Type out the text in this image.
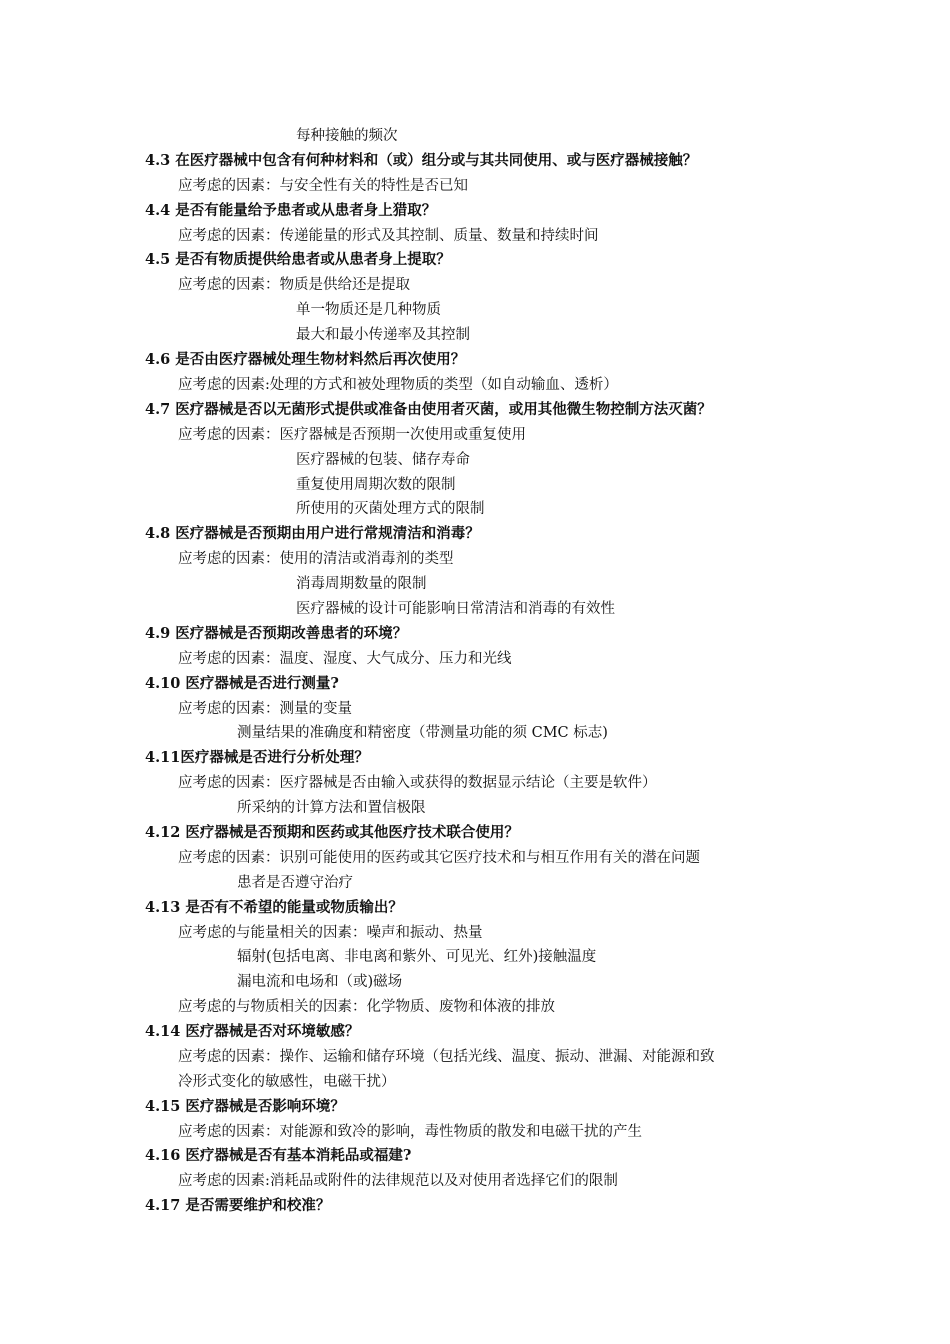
每种接触的频次
4.3 在医疗器械中包含有何种材料和（或）组分或与其共同使用、或与医疗器械接触？
应考虑的因素：与安全性有关的特性是否已知
4.4 是否有能量给予患者或从患者身上猎取？
应考虑的因素：传递能量的形式及其控制、质量、数量和持续时间
4.5 是否有物质提供给患者或从患者身上提取？
应考虑的因素：物质是供给还是提取
单一物质还是几种物质
最大和最小传递率及其控制
4.6 是否由医疗器械处理生物材料然后再次使用？
应考虑的因素:处理的方式和被处理物质的类型（如自动输血、透析）
4.7 医疗器械是否以无菌形式提供或准备由使用者灭菌，或用其他微生物控制方法灭菌？
应考虑的因素：医疗器械是否预期一次使用或重复使用
医疗器械的包装、储存寿命
重复使用周期次数的限制
所使用的灭菌处理方式的限制
4.8 医疗器械是否预期由用户进行常规清洁和消毒？
应考虑的因素：使用的清洁或消毒剂的类型
消毒周期数量的限制
医疗器械的设计可能影响日常清洁和消毒的有效性
4.9 医疗器械是否预期改善患者的环境？
应考虑的因素：温度、湿度、大气成分、压力和光线
4.10 医疗器械是否进行测量?
应考虑的因素：测量的变量
测量结果的准确度和精密度（带测量功能的须 CMC 标志)
4.11医疗器械是否进行分析处理？
应考虑的因素：医疗器械是否由输入或获得的数据显示结论（主要是软件）
所采纳的计算方法和置信极限
4.12 医疗器械是否预期和医药或其他医疗技术联合使用？
应考虑的因素：识别可能使用的医药或其它医疗技术和与相互作用有关的潜在问题
患者是否遵守治疗
4.13 是否有不希望的能量或物质输出？
应考虑的与能量相关的因素：噪声和振动、热量
辐射(包括电离、非电离和紫外、可见光、红外)接触温度
漏电流和电场和（或)磁场
应考虑的与物质相关的因素：化学物质、废物和体液的排放
4.14 医疗器械是否对环境敏感？
应考虑的因素：操作、运输和储存环境（包括光线、温度、振动、泄漏、对能源和致
冷形式变化的敏感性，电磁干扰）
4.15 医疗器械是否影响环境？
应考虑的因素：对能源和致冷的影响，毒性物质的散发和电磁干扰的产生
4.16 医疗器械是否有基本消耗品或福建?
应考虑的因素:消耗品或附件的法律规范以及对使用者选择它们的限制
4.17 是否需要维护和校准？
